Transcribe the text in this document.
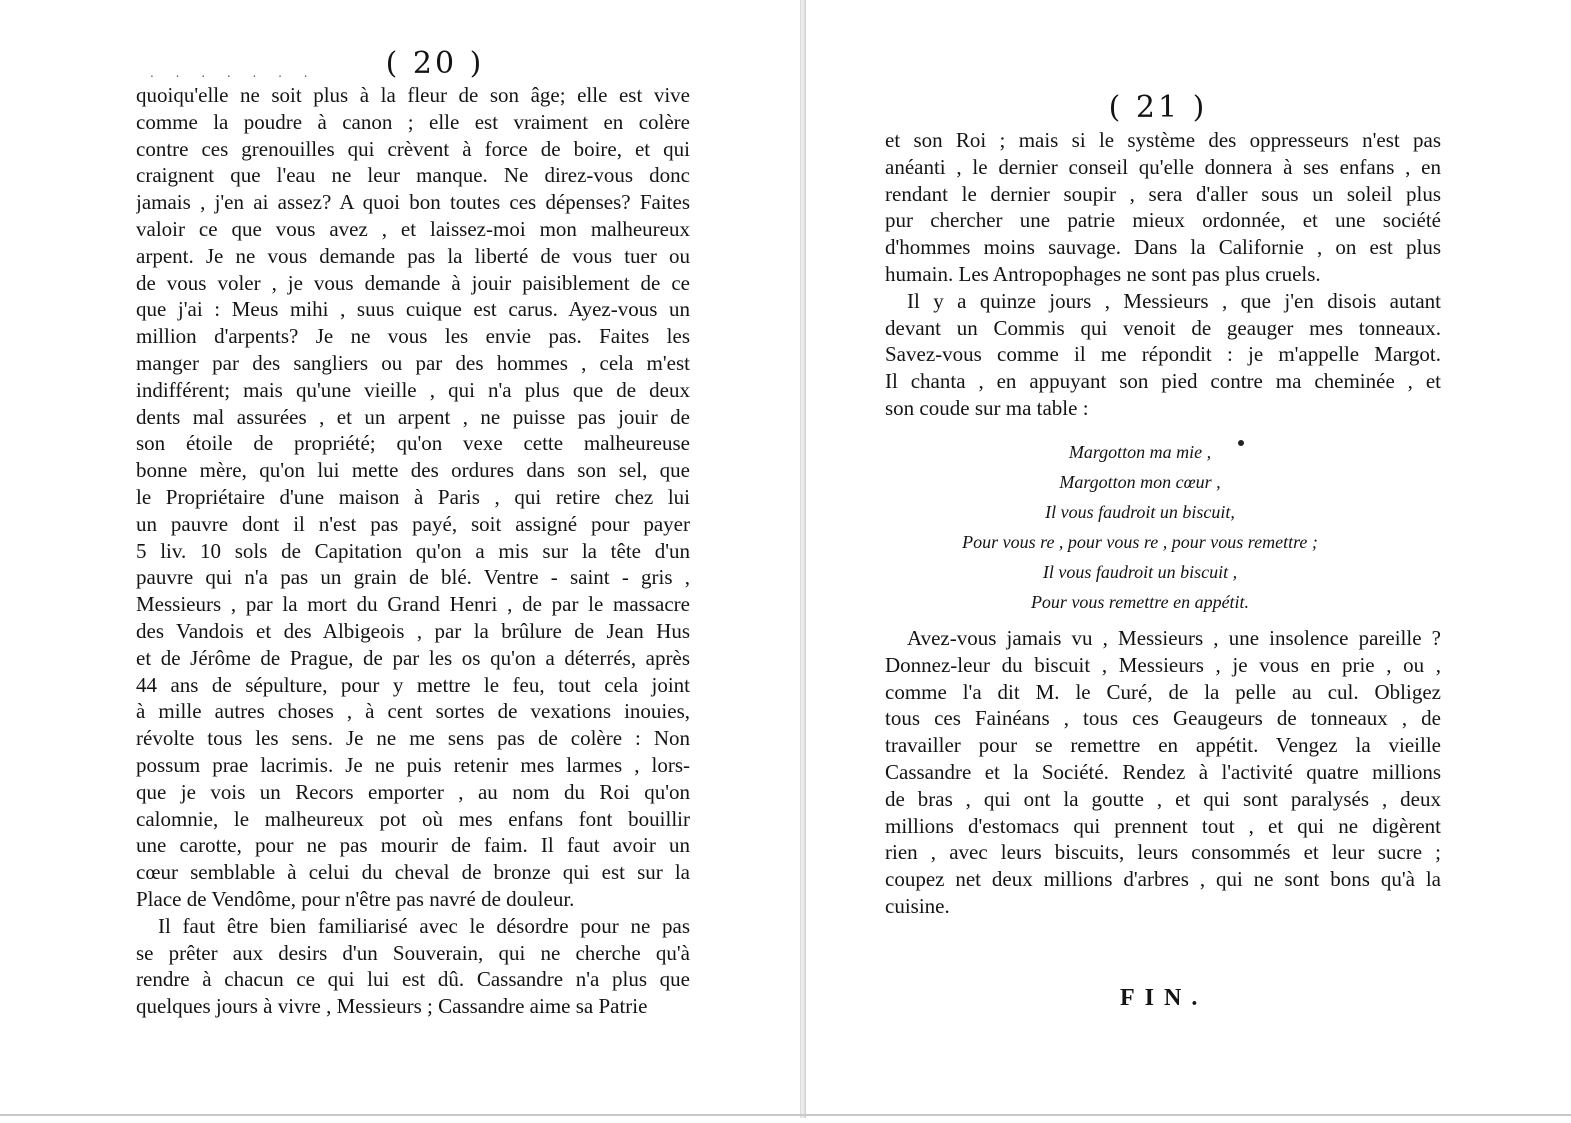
. . . . . . . ( 20 )
quoiqu'elle ne soit plus à la fleur de son âge; elle est vive
comme la poudre à canon ; elle est vraiment en colère
contre ces grenouilles qui crèvent à force de boire, et qui
craignent que l'eau ne leur manque. Ne direz-vous donc
jamais , j'en ai assez? A quoi bon toutes ces dépenses? Faites
valoir ce que vous avez , et laissez-moi mon malheureux
arpent. Je ne vous demande pas la liberté de vous tuer ou
de vous voler , je vous demande à jouir paisiblement de ce
que j'ai : Meus mihi , suus cuique est carus. Ayez-vous un
million d'arpents? Je ne vous les envie pas. Faites les
manger par des sangliers ou par des hommes , cela m'est
indifférent; mais qu'une vieille , qui n'a plus que de deux
dents mal assurées , et un arpent , ne puisse pas jouir de
son étoile de propriété; qu'on vexe cette malheureuse
bonne mère, qu'on lui mette des ordures dans son sel, que
le Propriétaire d'une maison à Paris , qui retire chez lui
un pauvre dont il n'est pas payé, soit assigné pour payer
5 liv. 10 sols de Capitation qu'on a mis sur la tête d'un
pauvre qui n'a pas un grain de blé. Ventre - saint - gris ,
Messieurs , par la mort du Grand Henri , de par le massacre
des Vandois et des Albigeois , par la brûlure de Jean Hus
et de Jérôme de Prague, de par les os qu'on a déterrés, après
44 ans de sépulture, pour y mettre le feu, tout cela joint
à mille autres choses , à cent sortes de vexations inouies,
révolte tous les sens. Je ne me sens pas de colère : Non
possum prae lacrimis. Je ne puis retenir mes larmes , lors-
que je vois un Recors emporter , au nom du Roi qu'on
calomnie, le malheureux pot où mes enfans font bouillir
une carotte, pour ne pas mourir de faim. Il faut avoir un
cœur semblable à celui du cheval de bronze qui est sur la
Place de Vendôme, pour n'être pas navré de douleur.
Il faut être bien familiarisé avec le désordre pour ne pas
se prêter aux desirs d'un Souverain, qui ne cherche qu'à
rendre à chacun ce qui lui est dû. Cassandre n'a plus que
quelques jours à vivre , Messieurs ; Cassandre aime sa Patrie
( 21 )
et son Roi ; mais si le système des oppresseurs n'est pas
anéanti , le dernier conseil qu'elle donnera à ses enfans , en
rendant le dernier soupir , sera d'aller sous un soleil plus
pur chercher une patrie mieux ordonnée, et une société
d'hommes moins sauvage. Dans la Californie , on est plus
humain. Les Antropophages ne sont pas plus cruels.
Il y a quinze jours , Messieurs , que j'en disois autant
devant un Commis qui venoit de geauger mes tonneaux.
Savez-vous comme il me répondit : je m'appelle Margot.
Il chanta , en appuyant son pied contre ma cheminée , et
son coude sur ma table :
Margotton ma mie ,
Margotton mon cœur ,
Il vous faudroit un biscuit,
Pour vous re , pour vous re , pour vous remettre ;
Il vous faudroit un biscuit ,
Pour vous remettre en appétit.
Avez-vous jamais vu , Messieurs , une insolence pareille ?
Donnez-leur du biscuit , Messieurs , je vous en prie , ou ,
comme l'a dit M. le Curé, de la pelle au cul. Obligez
tous ces Fainéans , tous ces Geaugeurs de tonneaux , de
travailler pour se remettre en appétit. Vengez la vieille
Cassandre et la Société. Rendez à l'activité quatre millions
de bras , qui ont la goutte , et qui sont paralysés , deux
millions d'estomacs qui prennent tout , et qui ne digèrent
rien , avec leurs biscuits, leurs consommés et leur sucre ;
coupez net deux millions d'arbres , qui ne sont bons qu'à la
cuisine.
FIN.
